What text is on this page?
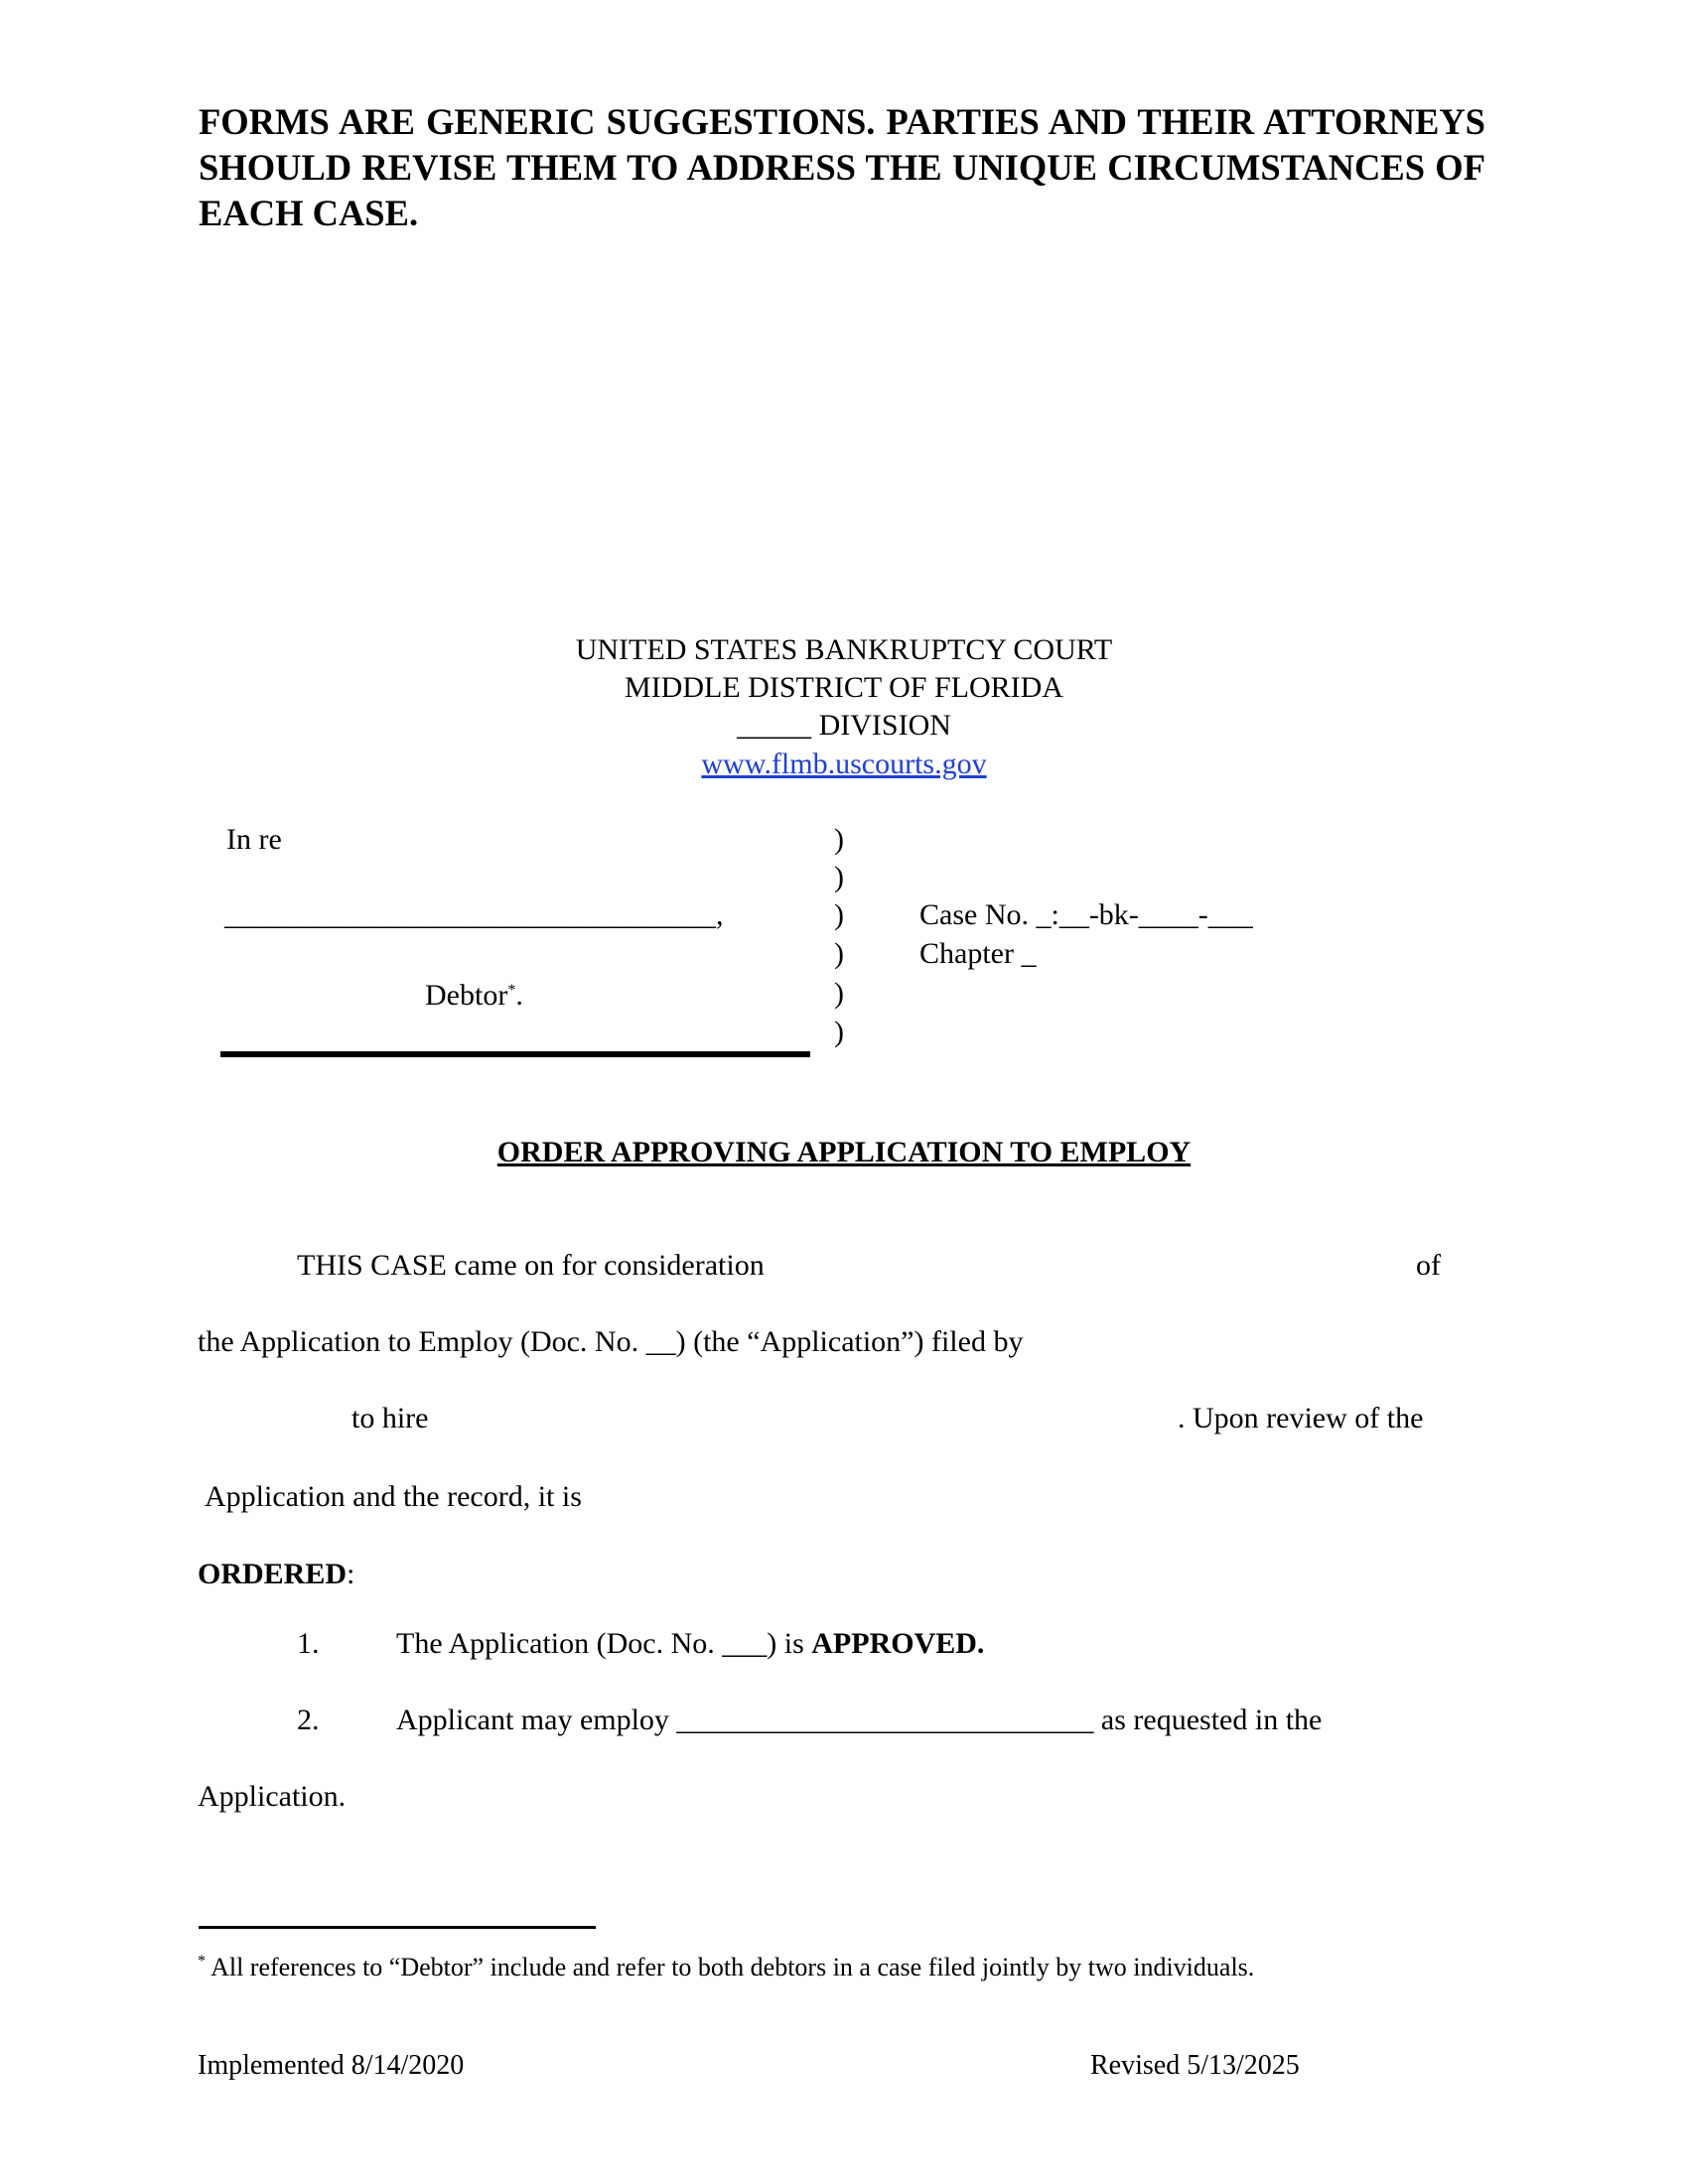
FORMS ARE GENERIC SUGGESTIONS. PARTIES AND THEIR ATTORNEYS SHOULD REVISE THEM TO ADDRESS THE UNIQUE CIRCUMSTANCES OF EACH CASE.
UNITED STATES BANKRUPTCY COURT
MIDDLE DISTRICT OF FLORIDA
_____ DIVISION
www.flmb.uscourts.gov
In re
_________________________________,
Debtor*.
)
)
)
)
)
)
Case No. _:__-bk-____-___
Chapter _
ORDER APPROVING APPLICATION TO EMPLOY
THIS CASE came on for consideration	of
the Application to Employ (Doc. No. __) (the “Application”) filed by
to hire	. Upon review of the
Application and the record, it is
ORDERED:
1.	The Application (Doc. No. ___) is APPROVED.
2.	Applicant may employ ____________________________ as requested in the
Application.
* All references to “Debtor” include and refer to both debtors in a case filed jointly by two individuals.
Implemented 8/14/2020	Revised 5/13/2025
